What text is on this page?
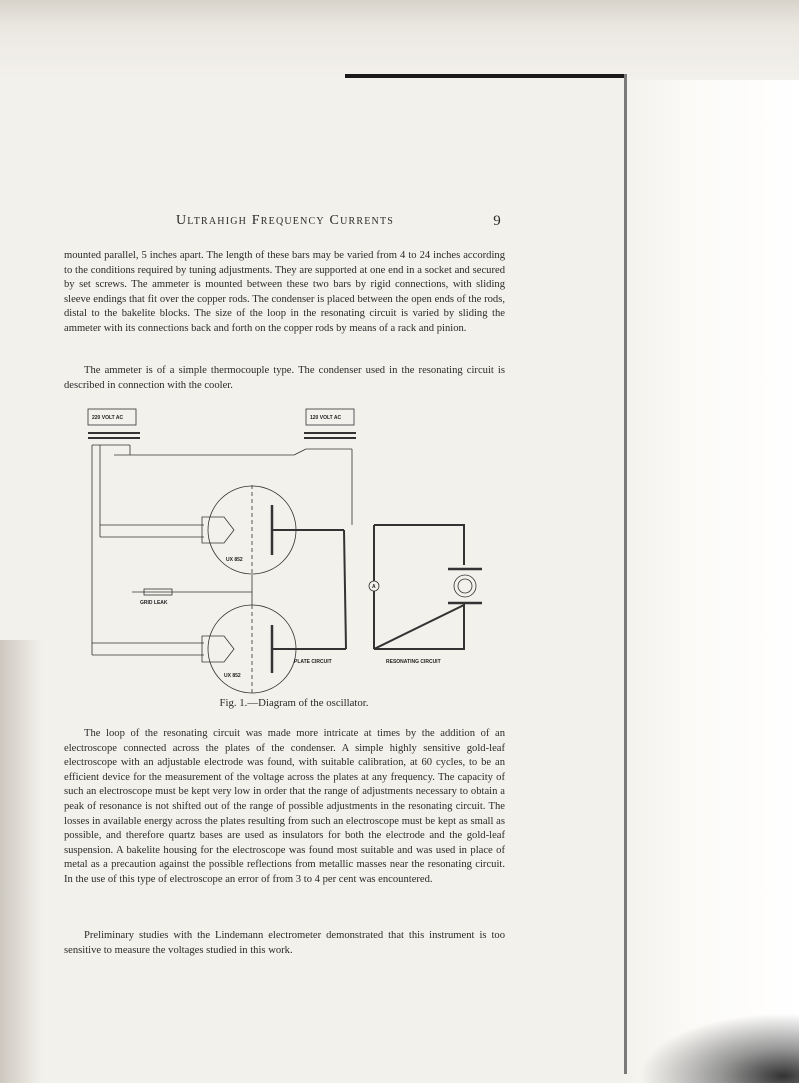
Ultrahigh Frequency Currents	9

mounted parallel, 5 inches apart. The length of these bars may be varied from 4 to 24 inches according to the conditions required by tuning adjustments. They are supported at one end in a socket and secured by set screws. The ammeter is mounted between these two bars by rigid connections, with sliding sleeve endings that fit over the copper rods. The condenser is placed between the open ends of the rods, distal to the bakelite blocks. The size of the loop in the resonating circuit is varied by sliding the ammeter with its connections back and forth on the copper rods by means of a rack and pinion.

The ammeter is of a simple thermocouple type. The condenser used in the resonating circuit is described in connection with the cooler.

220 VOLT AC	120 VOLT AC
UX 852
GRID LEAK
PLATE CIRCUIT	RESONATING CIRCUIT
UX 852
A
Fig. 1.—Diagram of the oscillator.

The loop of the resonating circuit was made more intricate at times by the addition of an electroscope connected across the plates of the condenser. A simple highly sensitive gold-leaf electroscope with an adjustable electrode was found, with suitable calibration, at 60 cycles, to be an efficient device for the measurement of the voltage across the plates at any frequency. The capacity of such an electroscope must be kept very low in order that the range of adjustments necessary to obtain a peak of resonance is not shifted out of the range of possible adjustments in the resonating circuit. The losses in available energy across the plates resulting from such an electroscope must be kept as small as possible, and therefore quartz bases are used as insulators for both the electrode and the gold-leaf suspension. A bakelite housing for the electroscope was found most suitable and was used in place of metal as a precaution against the possible reflections from metallic masses near the resonating circuit. In the use of this type of electroscope an error of from 3 to 4 per cent was encountered.

Preliminary studies with the Lindemann electrometer demonstrated that this instrument is too sensitive to measure the voltages studied in this work.
